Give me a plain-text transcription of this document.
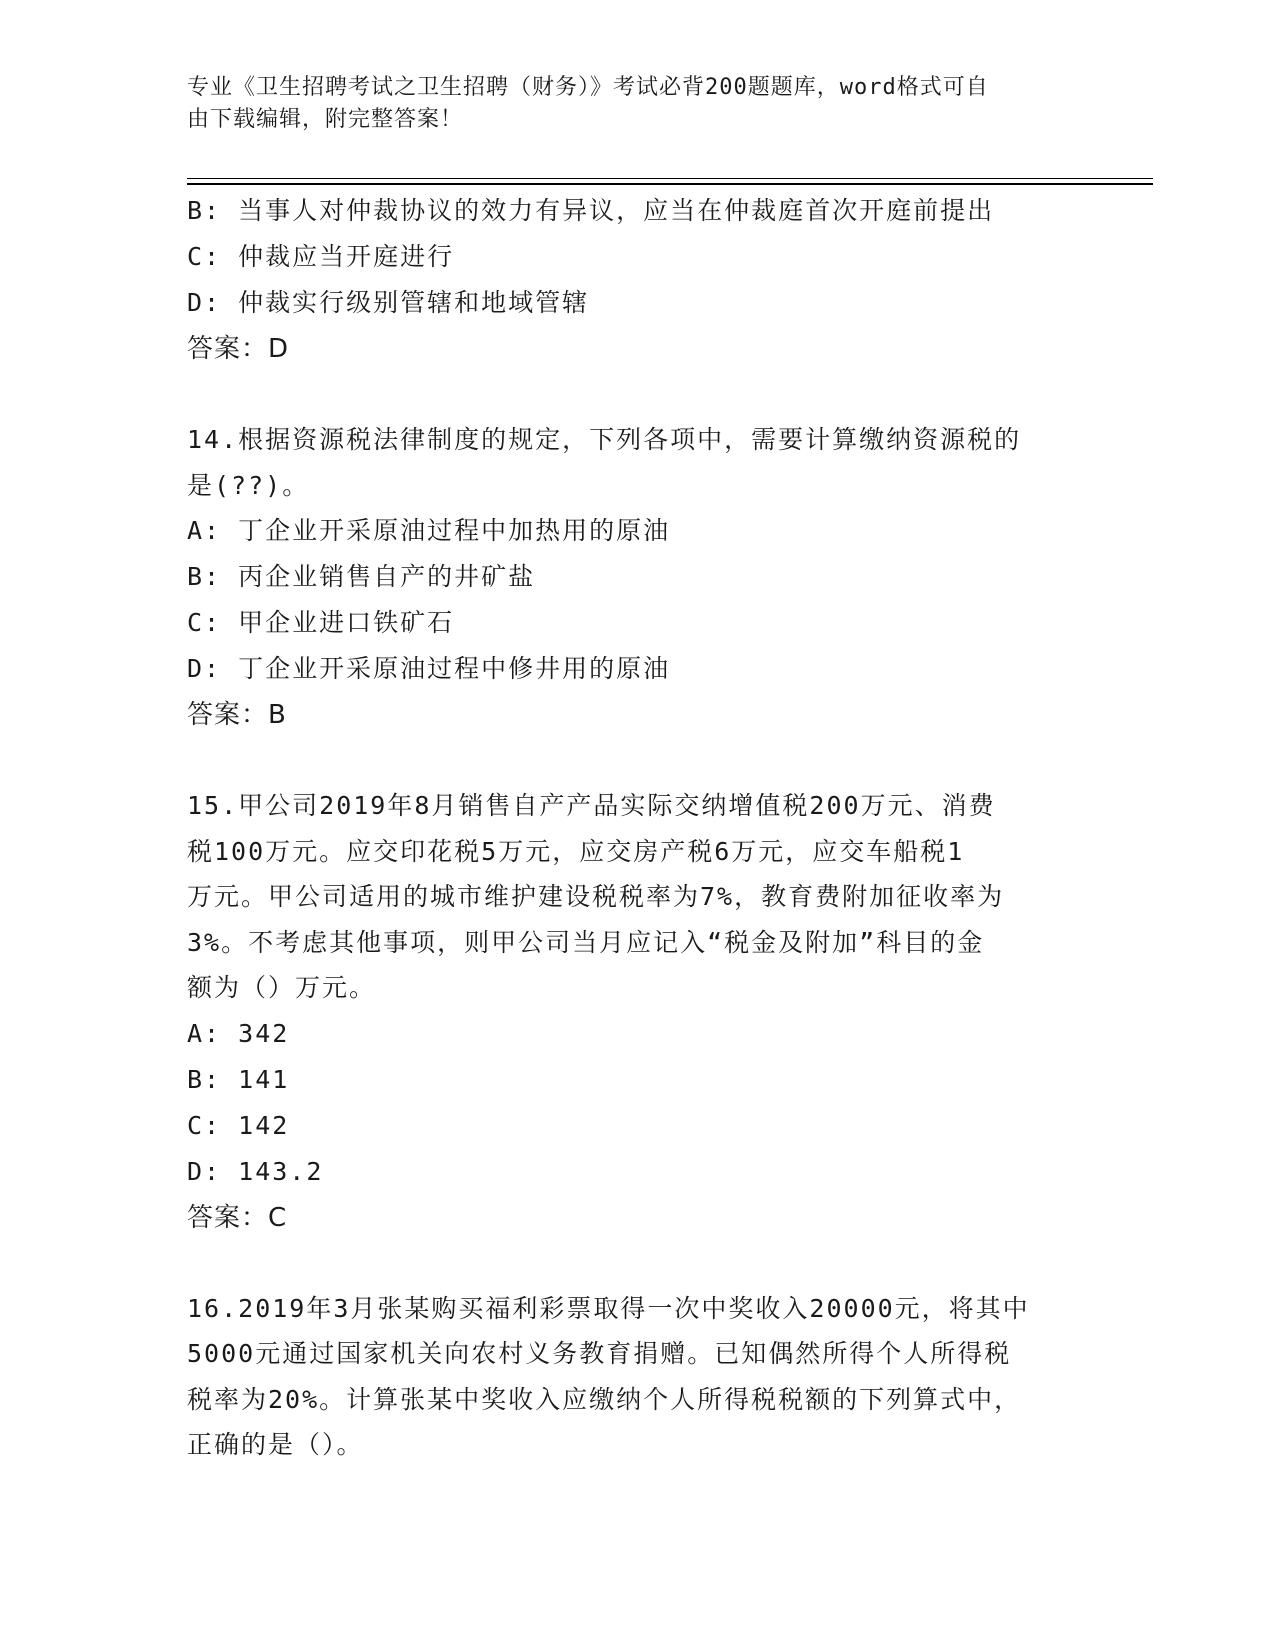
专业《卫生招聘考试之卫生招聘（财务）》考试必背200题题库，word格式可自
由下载编辑，附完整答案！
B: 当事人对仲裁协议的效力有异议，应当在仲裁庭首次开庭前提出
C: 仲裁应当开庭进行
D: 仲裁实行级别管辖和地域管辖
答案：D
14.根据资源税法律制度的规定，下列各项中，需要计算缴纳资源税的
是(??)。
A: 丁企业开采原油过程中加热用的原油
B: 丙企业销售自产的井矿盐
C: 甲企业进口铁矿石
D: 丁企业开采原油过程中修井用的原油
答案：B
15.甲公司2019年8月销售自产产品实际交纳增值税200万元、消费
税100万元。应交印花税5万元，应交房产税6万元，应交车船税1
万元。甲公司适用的城市维护建设税税率为7%，教育费附加征收率为
3%。不考虑其他事项，则甲公司当月应记入“税金及附加”科目的金
额为（）万元。
A: 342
B: 141
C: 142
D: 143.2
答案：C
16.2019年3月张某购买福利彩票取得一次中奖收入20000元，将其中
5000元通过国家机关向农村义务教育捐赠。已知偶然所得个人所得税
税率为20%。计算张某中奖收入应缴纳个人所得税税额的下列算式中，
正确的是（）。
